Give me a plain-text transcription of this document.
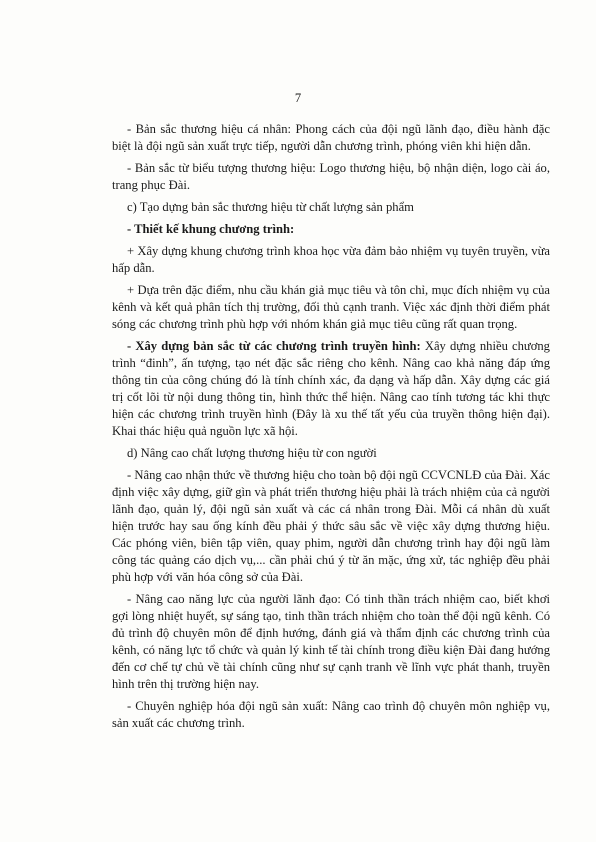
7

- Bản sắc thương hiệu cá nhân: Phong cách của đội ngũ lãnh đạo, điều hành đặc biệt là đội ngũ sản xuất trực tiếp, người dẫn chương trình, phóng viên khi hiện dẫn.

- Bản sắc từ biểu tượng thương hiệu: Logo thương hiệu, bộ nhận diện, logo cài áo, trang phục Đài.

c) Tạo dựng bản sắc thương hiệu từ chất lượng sản phẩm

- Thiết kế khung chương trình:

+ Xây dựng khung chương trình khoa học vừa đảm bảo nhiệm vụ tuyên truyền, vừa hấp dẫn.

+ Dựa trên đặc điểm, nhu cầu khán giả mục tiêu và tôn chỉ, mục đích nhiệm vụ của kênh và kết quả phân tích thị trường, đối thủ cạnh tranh. Việc xác định thời điểm phát sóng các chương trình phù hợp với nhóm khán giả mục tiêu cũng rất quan trọng.

- Xây dựng bản sắc từ các chương trình truyền hình: Xây dựng nhiều chương trình “đinh”, ấn tượng, tạo nét đặc sắc riêng cho kênh. Nâng cao khả năng đáp ứng thông tin của công chúng đó là tính chính xác, đa dạng và hấp dẫn. Xây dựng các giá trị cốt lõi từ nội dung thông tin, hình thức thể hiện. Nâng cao tính tương tác khi thực hiện các chương trình truyền hình (Đây là xu thế tất yếu của truyền thông hiện đại). Khai thác hiệu quả nguồn lực xã hội.

d) Nâng cao chất lượng thương hiệu từ con người

- Nâng cao nhận thức về thương hiệu cho toàn bộ đội ngũ CCVCNLĐ của Đài. Xác định việc xây dựng, giữ gìn và phát triển thương hiệu phải là trách nhiệm của cả người lãnh đạo, quản lý, đội ngũ sản xuất và các cá nhân trong Đài. Mỗi cá nhân dù xuất hiện trước hay sau ống kính đều phải ý thức sâu sắc về việc xây dựng thương hiệu. Các phóng viên, biên tập viên, quay phim, người dẫn chương trình hay đội ngũ làm công tác quảng cáo dịch vụ,... cần phải chú ý từ ăn mặc, ứng xử, tác nghiệp đều phải phù hợp với văn hóa công sở của Đài.

- Nâng cao năng lực của người lãnh đạo: Có tinh thần trách nhiệm cao, biết khơi gợi lòng nhiệt huyết, sự sáng tạo, tinh thần trách nhiệm cho toàn thể đội ngũ kênh. Có đủ trình độ chuyên môn để định hướng, đánh giá và thẩm định các chương trình của kênh, có năng lực tổ chức và quản lý kinh tế tài chính trong điều kiện Đài đang hướng đến cơ chế tự chủ về tài chính cũng như sự cạnh tranh về lĩnh vực phát thanh, truyền hình trên thị trường hiện nay.

- Chuyên nghiệp hóa đội ngũ sản xuất: Nâng cao trình độ chuyên môn nghiệp vụ, sản xuất các chương trình.
